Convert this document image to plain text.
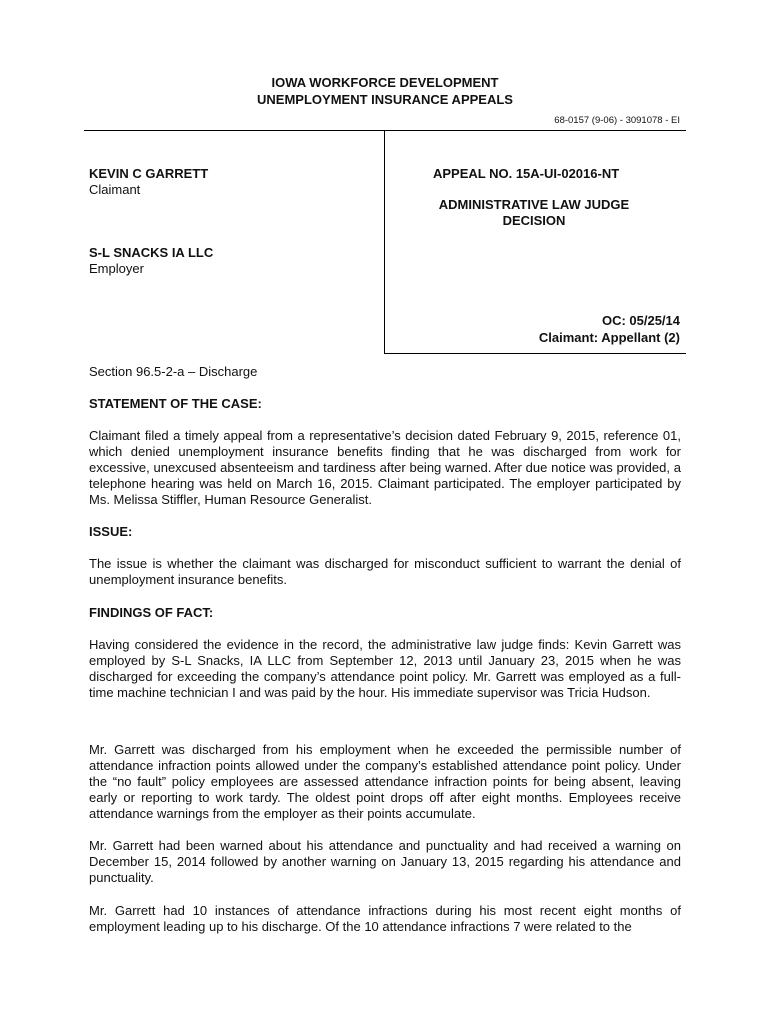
IOWA WORKFORCE DEVELOPMENT
UNEMPLOYMENT INSURANCE APPEALS
68-0157 (9-06) - 3091078 - EI
KEVIN C GARRETT
Claimant
S-L SNACKS IA LLC
Employer
APPEAL NO. 15A-UI-02016-NT
ADMINISTRATIVE LAW JUDGE
DECISION
OC: 05/25/14
Claimant: Appellant (2)
Section 96.5-2-a – Discharge
STATEMENT OF THE CASE:

Claimant filed a timely appeal from a representative’s decision dated February 9, 2015, reference 01, which denied unemployment insurance benefits finding that he was discharged from work for excessive, unexcused absenteeism and tardiness after being warned. After due notice was provided, a telephone hearing was held on March 16, 2015. Claimant participated. The employer participated by Ms. Melissa Stiffler, Human Resource Generalist.

ISSUE:

The issue is whether the claimant was discharged for misconduct sufficient to warrant the denial of unemployment insurance benefits.

FINDINGS OF FACT:

Having considered the evidence in the record, the administrative law judge finds: Kevin Garrett was employed by S-L Snacks, IA LLC from September 12, 2013 until January 23, 2015 when he was discharged for exceeding the company’s attendance point policy. Mr. Garrett was employed as a full-time machine technician I and was paid by the hour. His immediate supervisor was Tricia Hudson.

Mr. Garrett was discharged from his employment when he exceeded the permissible number of attendance infraction points allowed under the company’s established attendance point policy. Under the “no fault” policy employees are assessed attendance infraction points for being absent, leaving early or reporting to work tardy. The oldest point drops off after eight months. Employees receive attendance warnings from the employer as their points accumulate.

Mr. Garrett had been warned about his attendance and punctuality and had received a warning on December 15, 2014 followed by another warning on January 13, 2015 regarding his attendance and punctuality.

Mr. Garrett had 10 instances of attendance infractions during his most recent eight months of employment leading up to his discharge. Of the 10 attendance infractions 7 were related to the
